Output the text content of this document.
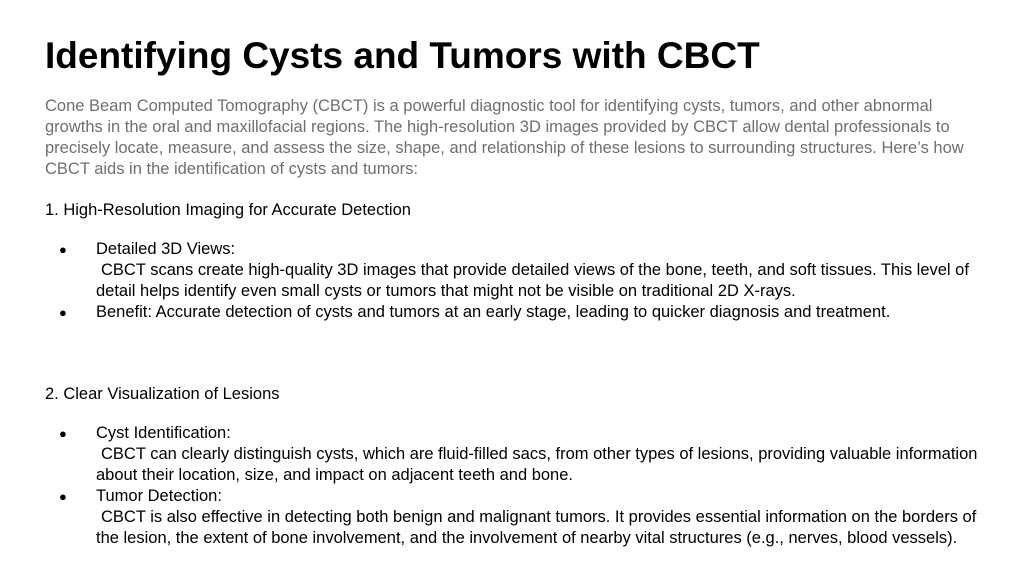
Identifying Cysts and Tumors with CBCT

Cone Beam Computed Tomography (CBCT) is a powerful diagnostic tool for identifying cysts, tumors, and other abnormal growths in the oral and maxillofacial regions. The high-resolution 3D images provided by CBCT allow dental professionals to precisely locate, measure, and assess the size, shape, and relationship of these lesions to surrounding structures. Here’s how CBCT aids in the identification of cysts and tumors:

1. High-Resolution Imaging for Accurate Detection

● Detailed 3D Views:
CBCT scans create high-quality 3D images that provide detailed views of the bone, teeth, and soft tissues. This level of detail helps identify even small cysts or tumors that might not be visible on traditional 2D X-rays.
● Benefit: Accurate detection of cysts and tumors at an early stage, leading to quicker diagnosis and treatment.

2. Clear Visualization of Lesions

● Cyst Identification:
CBCT can clearly distinguish cysts, which are fluid-filled sacs, from other types of lesions, providing valuable information about their location, size, and impact on adjacent teeth and bone.
● Tumor Detection:
CBCT is also effective in detecting both benign and malignant tumors. It provides essential information on the borders of the lesion, the extent of bone involvement, and the involvement of nearby vital structures (e.g., nerves, blood vessels).
